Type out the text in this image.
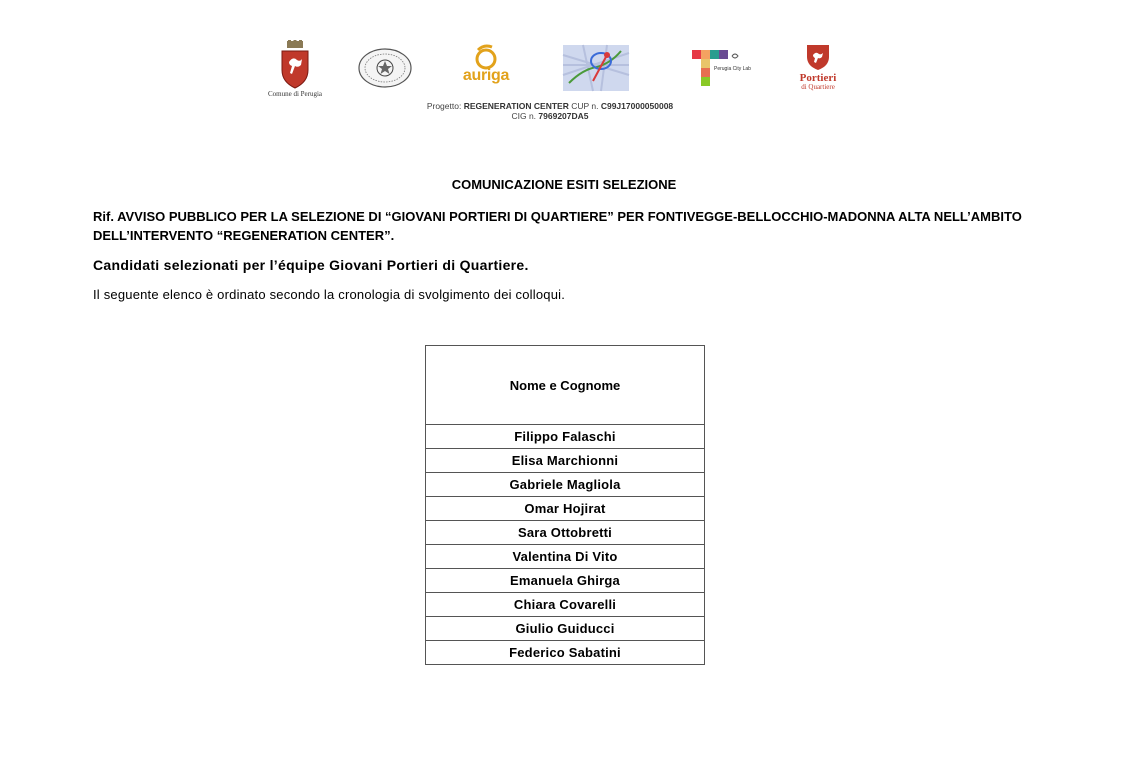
Comune di Perugia
auriga	Perugia City Lab
Portieri
di Quartiere
Progetto: REGENERATION CENTER CUP n. C99J17000050008
CIG n. 7969207DA5
COMUNICAZIONE ESITI SELEZIONE
Rif. AVVISO PUBBLICO PER LA SELEZIONE DI “GIOVANI PORTIERI DI QUARTIERE” PER FONTIVEGGE-BELLOCCHIO-MADONNA ALTA NELL’AMBITO DELL’INTERVENTO “REGENERATION CENTER”.
Candidati selezionati per l’équipe Giovani Portieri di Quartiere.
Il seguente elenco è ordinato secondo la cronologia di svolgimento dei colloqui.
Nome e Cognome
Filippo Falaschi
Elisa Marchionni
Gabriele Magliola
Omar Hojirat
Sara Ottobretti
Valentina Di Vito
Emanuela Ghirga
Chiara Covarelli
Giulio Guiducci
Federico Sabatini
